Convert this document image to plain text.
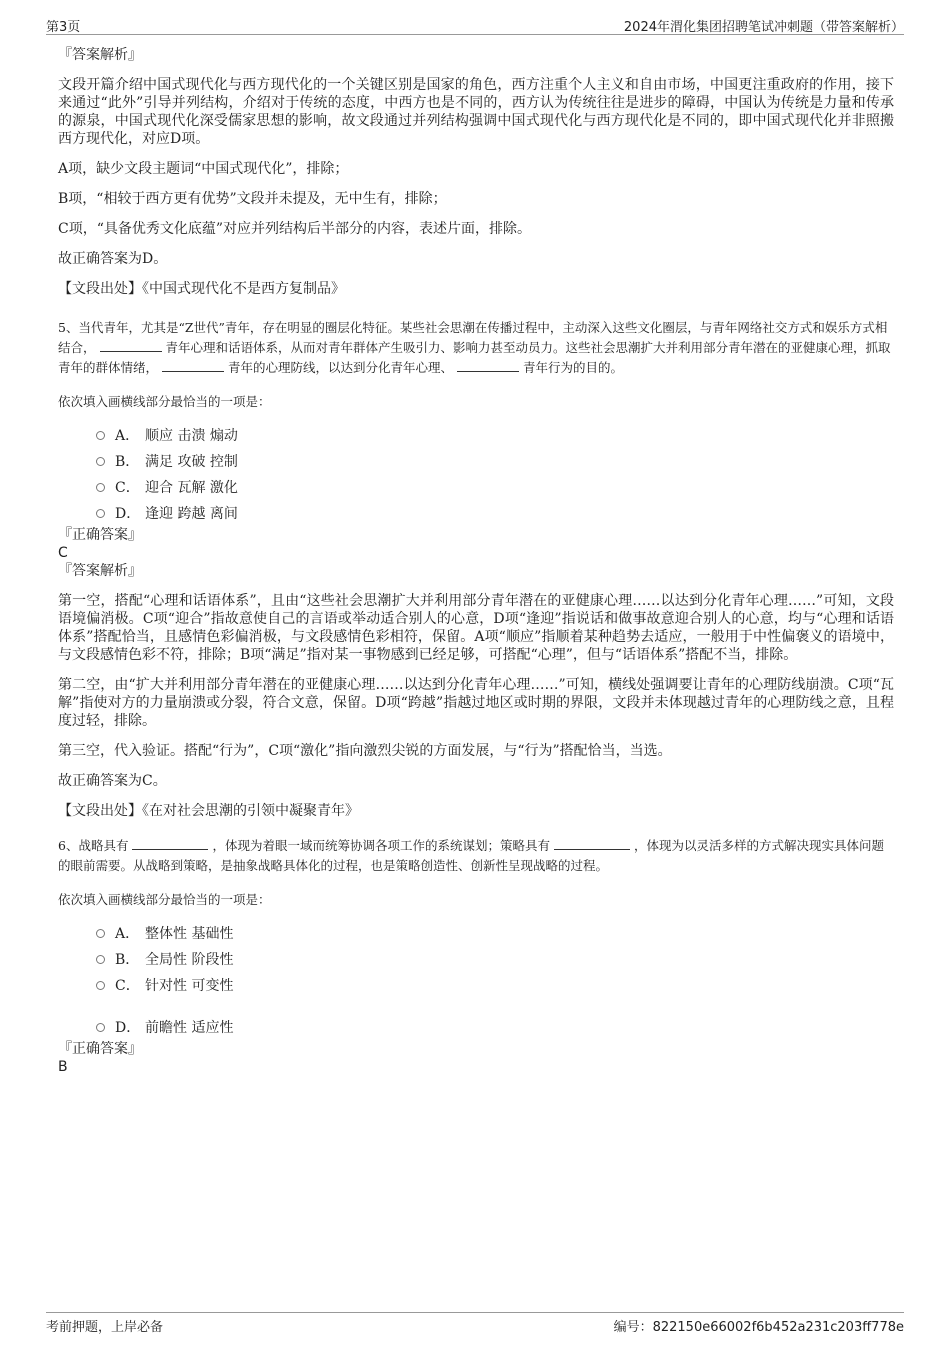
第3页	2024年渭化集团招聘笔试冲刺题（带答案解析）
『答案解析』

文段开篇介绍中国式现代化与西方现代化的一个关键区别是国家的角色，西方注重个人主义和自由市场，中国更注重政府的作用，接下来通过“此外”引导并列结构，介绍对于传统的态度，中西方也是不同的，西方认为传统往往是进步的障碍，中国认为传统是力量和传承的源泉，中国式现代化深受儒家思想的影响，故文段通过并列结构强调中国式现代化与西方现代化是不同的，即中国式现代化并非照搬西方现代化，对应D项。

A项，缺少文段主题词“中国式现代化”，排除；

B项，“相较于西方更有优势”文段并未提及，无中生有，排除；

C项，“具备优秀文化底蕴”对应并列结构后半部分的内容，表述片面，排除。

故正确答案为D。

【文段出处】《中国式现代化不是西方复制品》

5、当代青年，尤其是“Z世代”青年，存在明显的圈层化特征。某些社会思潮在传播过程中，主动深入这些文化圈层，与青年网络社交方式和娱乐方式相结合，	青年心理和话语体系，从而对青年群体产生吸引力、影响力甚至动员力。这些社会思潮扩大并利用部分青年潜在的亚健康心理，抓取青年的群体情绪，	青年的心理防线，以达到分化青年心理、	青年行为的目的。

依次填入画横线部分最恰当的一项是：

A． 顺应 击溃 煽动
B． 满足 攻破 控制
C． 迎合 瓦解 激化
D． 逢迎 跨越 离间

『正确答案』

C

『答案解析』

第一空，搭配“心理和话语体系”，且由“这些社会思潮扩大并利用部分青年潜在的亚健康心理……以达到分化青年心理……”可知，文段语境偏消极。C项“迎合”指故意使自己的言语或举动适合别人的心意，D项“逢迎”指说话和做事故意迎合别人的心意，均与“心理和话语体系”搭配恰当，且感情色彩偏消极，与文段感情色彩相符，保留。A项“顺应”指顺着某种趋势去适应，一般用于中性偏褒义的语境中，与文段感情色彩不符，排除；B项“满足”指对某一事物感到已经足够，可搭配“心理”，但与“话语体系”搭配不当，排除。

第二空，由“扩大并利用部分青年潜在的亚健康心理……以达到分化青年心理……”可知，横线处强调要让青年的心理防线崩溃。C项“瓦解”指使对方的力量崩溃或分裂，符合文意，保留。D项“跨越”指越过地区或时期的界限，文段并未体现越过青年的心理防线之意，且程度过轻，排除。

第三空，代入验证。搭配“行为”，C项“激化”指向激烈尖锐的方面发展，与“行为”搭配恰当，当选。

故正确答案为C。

【文段出处】《在对社会思潮的引领中凝聚青年》

6、战略具有	，体现为着眼一域而统筹协调各项工作的系统谋划；策略具有	，体现为以灵活多样的方式解决现实具体问题的眼前需要。从战略到策略，是抽象战略具体化的过程，也是策略创造性、创新性呈现战略的过程。

依次填入画横线部分最恰当的一项是：

A． 整体性 基础性
B． 全局性 阶段性
C． 针对性 可变性
D． 前瞻性 适应性

『正确答案』

B

考前押题，上岸必备	编号：822150e66002f6b452a231c203ff778e
